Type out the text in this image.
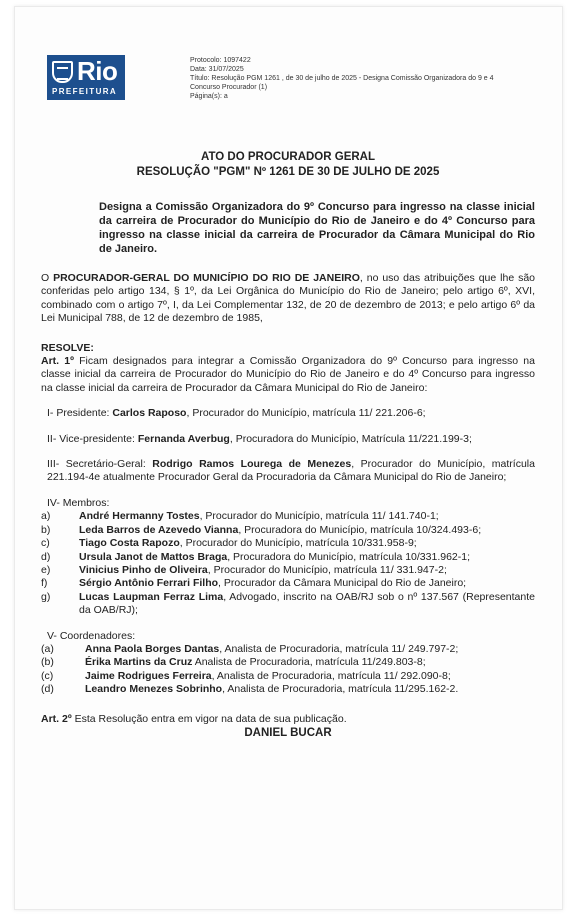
Rio
PREFEITURA
Protocolo: 1097422
Data: 31/07/2025
Título: Resolução PGM 1261 , de 30 de julho de 2025 - Designa Comissão Organizadora do 9 e 4
Concurso Procurador (1)
Página(s): a
ATO DO PROCURADOR GERAL
RESOLUÇÃO "PGM" Nº 1261 DE 30 DE JULHO DE 2025
Designa a Comissão Organizadora do 9º Concurso para ingresso na classe inicial da carreira de Procurador do Município do Rio de Janeiro e do 4º Concurso para ingresso na classe inicial da carreira de Procurador da Câmara Municipal do Rio de Janeiro.

O PROCURADOR-GERAL DO MUNICÍPIO DO RIO DE JANEIRO, no uso das atribuições que lhe são conferidas pelo artigo 134, § 1º, da Lei Orgânica do Município do Rio de Janeiro; pelo artigo 6º, XVI, combinado com o artigo 7º, I, da Lei Complementar 132, de 20 de dezembro de 2013; e pelo artigo 6º da Lei Municipal 788, de 12 de dezembro de 1985,

RESOLVE:

Art. 1º Ficam designados para integrar a Comissão Organizadora do 9º Concurso para ingresso na classe inicial da carreira de Procurador do Município do Rio de Janeiro e do 4º Concurso para ingresso na classe inicial da carreira de Procurador da Câmara Municipal do Rio de Janeiro:

I- Presidente: Carlos Raposo, Procurador do Município, matrícula 11/ 221.206-6;

II- Vice-presidente: Fernanda Averbug, Procuradora do Município, Matrícula 11/221.199-3;

III- Secretário-Geral: Rodrigo Ramos Lourega de Menezes, Procurador do Município, matrícula 221.194-4e atualmente Procurador Geral da Procuradoria da Câmara Municipal do Rio de Janeiro;

IV- Membros:
a)	André Hermanny Tostes, Procurador do Município, matrícula 11/ 141.740-1;
b)	Leda Barros de Azevedo Vianna, Procuradora do Município, matrícula 10/324.493-6;
c)	Tiago Costa Rapozo, Procurador do Município, matrícula 10/331.958-9;
d)	Ursula Janot de Mattos Braga, Procuradora do Município, matrícula 10/331.962-1;
e)	Vinicius Pinho de Oliveira, Procurador do Município, matrícula 11/ 331.947-2;
f)	Sérgio Antônio Ferrari Filho, Procurador da Câmara Municipal do Rio de Janeiro;
g)	Lucas Laupman Ferraz Lima, Advogado, inscrito na OAB/RJ sob o nº 137.567 (Representante da OAB/RJ);
V- Coordenadores:
(a)	Anna Paola Borges Dantas, Analista de Procuradoria, matrícula 11/ 249.797-2;
(b)	Érika Martins da Cruz Analista de Procuradoria, matrícula 11/249.803-8;
(c)	Jaime Rodrigues Ferreira, Analista de Procuradoria, matrícula 11/ 292.090-8;
(d)	Leandro Menezes Sobrinho, Analista de Procuradoria, matrícula 11/295.162-2.

Art. 2º Esta Resolução entra em vigor na data de sua publicação.

DANIEL BUCAR
